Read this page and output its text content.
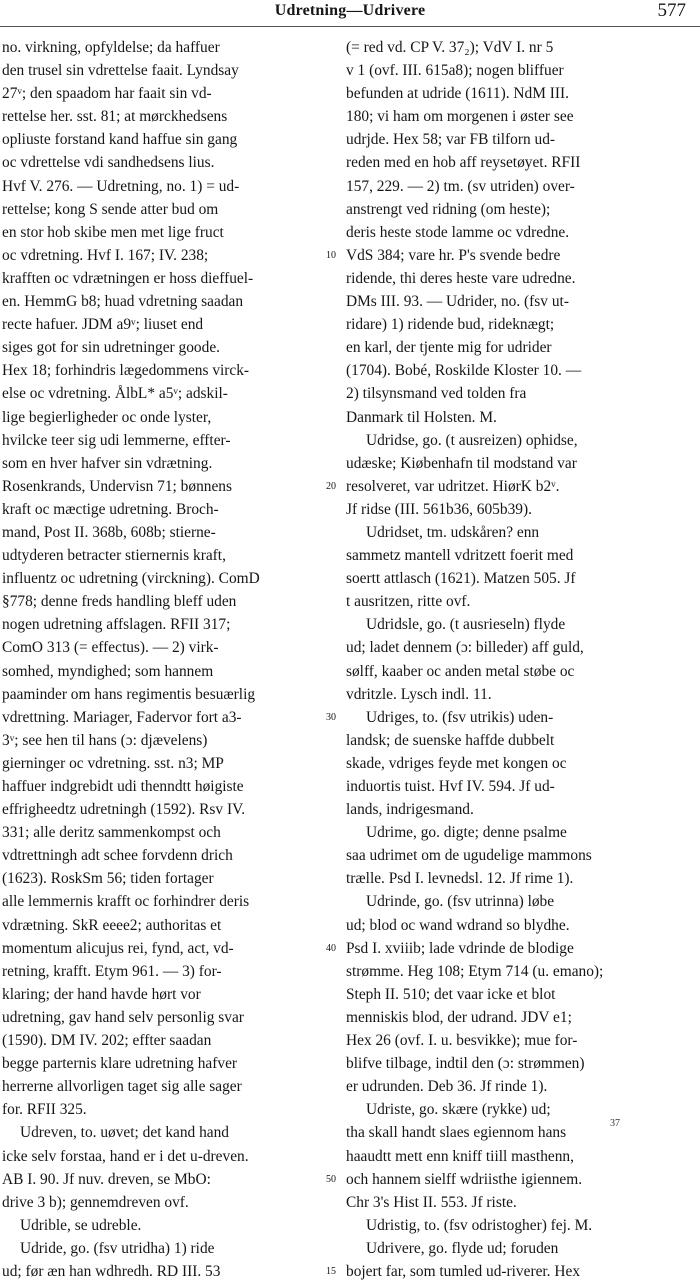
Udretning—Udrivere	577
no. virkning, opfyldelse; da haffuer
den trusel sin vdrettelse faait. Lyndsay
27ᵛ; den spaadom har faait sin vd-
rettelse her. sst. 81; at mørckhedsens
opliuste forstand kand haffue sin gang
oc vdrettelse vdi sandhedsens lius.
Hvf V. 276. — Udretning, no. 1) = ud-
rettelse; kong S sende atter bud om
en stor hob skibe men met lige fruct
oc vdretning. Hvf I. 167; IV. 238;
krafften oc vdrætningen er hoss dieffuel-
en. HemmG b8; huad vdretning saadan
recte hafuer. JDM a9ᵛ; liuset end
siges got for sin udretninger goode.
Hex 18; forhindris lægedommens virck-
else oc vdretning. ÅlbL* a5ᵛ; adskil-
lige begierligheder oc onde lyster,
hvilcke teer sig udi lemmerne, effter-
som en hver hafver sin vdrætning.
Rosenkrands, Undervisn 71; bønnens
kraft oc mæctige udretning. Broch-
mand, Post II. 368b, 608b; stierne-
udtyderen betracter stiernernis kraft,
influentz oc udretning (virckning). ComD
§778; denne freds handling bleff uden
nogen udretning affslagen. RFII 317;
ComO 313 (= effectus). — 2) virk-
somhed, myndighed; som hannem
paaminder om hans regimentis besuærlig
vdrettning. Mariager, Fadervor fort a3-
3ᵛ; see hen til hans (ɔ: djævelens)
gierninger oc vdretning. sst. n3; MP
haffuer indgrebidt udi thenndtt høigiste
effrigheedtz udretningh (1592). Rsv IV.
331; alle deritz sammenkompst och
vdtrettningh adt schee forvdenn drich
(1623). RoskSm 56; tiden fortager
alle lemmernis krafft oc forhindrer deris
vdrætning. SkR eeee2; authoritas et
momentum alicujus rei, fynd, act, vd-
retning, krafft. Etym 961. — 3) for-
klaring; der hand havde hørt vor
udretning, gav hand selv personlig svar
(1590). DM IV. 202; effter saadan
begge parternis klare udretning hafver
herrerne allvorligen taget sig alle sager
for. RFII 325.
Udreven, to. uøvet; det kand hand
icke selv forstaa, hand er i det u-dreven.
AB I. 90. Jf nuv. dreven, se MbO:
drive 3 b); gennemdreven ovf.
Udrible, se udreble.
Udride, go. (fsv utridha) 1) ride
ud; før æn han wdhredh. RD III. 53
10
20
30
40
50
15
(= red vd. CP V. 37₂); VdV I. nr 5
v 1 (ovf. III. 615a8); nogen bliffuer
befunden at udride (1611). NdM III.
180; vi ham om morgenen i øster see
udrjde. Hex 58; var FB tilforn ud-
reden med en hob aff reysetøyet. RFII
157, 229. — 2) tm. (sv utriden) over-
anstrengt ved ridning (om heste);
deris heste stode lamme oc vdredne.
VdS 384; vare hr. P's svende bedre
ridende, thi deres heste vare udredne.
DMs III. 93. — Udrider, no. (fsv ut-
ridare) 1) ridende bud, rideknægt;
en karl, der tjente mig for udrider
(1704). Bobé, Roskilde Kloster 10. —
2) tilsynsmand ved tolden fra
Danmark til Holsten. M.
Udridse, go. (t ausreizen) ophidse,
udæske; Kiøbenhafn til modstand var
resolveret, var udritzet. HiørK b2ᵛ.
Jf ridse (III. 561b36, 605b39).
Udridset, tm. udskåren? enn
sammetz mantell vdritzett foerit med
soertt attlasch (1621). Matzen 505. Jf
t ausritzen, ritte ovf.
Udridsle, go. (t ausrieseln) flyde
ud; ladet dennem (ɔ: billeder) aff guld,
sølff, kaaber oc anden metal støbe oc
vdritzle. Lysch indl. 11.
Udriges, to. (fsv utrikis) uden-
landsk; de suenske haffde dubbelt
skade, vdriges feyde met kongen oc
induortis tuist. Hvf IV. 594. Jf ud-
lands, indrigesmand.
Udrime, go. digte; denne psalme
saa udrimet om de ugudelige mammons
trælle. Psd I. levnedsl. 12. Jf rime 1).
Udrinde, go. (fsv utrinna) løbe
ud; blod oc wand wdrand so blydhe.
Psd I. xviiib; lade vdrinde de blodige
strømme. Heg 108; Etym 714 (u. emano);
Steph II. 510; det vaar icke et blot
menniskis blod, der udrand. JDV e1;
Hex 26 (ovf. I. u. besvikke); mue for-
blifve tilbage, indtil den (ɔ: strømmen)
er udrunden. Deb 36. Jf rinde 1).
Udriste, go. skære (rykke) ud;
tha skall handt slaes egiennom hans
haaudtt mett enn kniff tiill masthenn,
och hannem sielff wdriisthe igiennem.
Chr 3's Hist II. 553. Jf riste.
Udristig, to. (fsv odristogher) fej. M.
Udrivere, go. flyde ud; foruden
bojert far, som tumled ud-riverer. Hex
37
